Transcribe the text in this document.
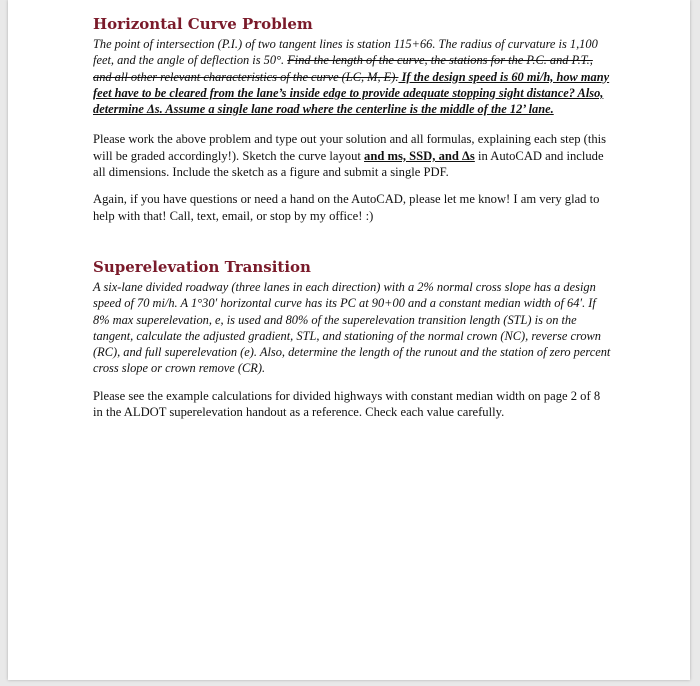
Horizontal Curve Problem

The point of intersection (P.I.) of two tangent lines is station 115+66. The radius of curvature is 1,100 feet, and the angle of deflection is 50°. Find the length of the curve, the stations for the P.C. and P.T., and all other relevant characteristics of the curve (LC, M, E). If the design speed is 60 mi/h, how many feet have to be cleared from the lane’s inside edge to provide adequate stopping sight distance? Also, determine Δs. Assume a single lane road where the centerline is the middle of the 12’ lane.

Please work the above problem and type out your solution and all formulas, explaining each step (this will be graded accordingly!). Sketch the curve layout and ms, SSD, and Δs in AutoCAD and include all dimensions. Include the sketch as a figure and submit a single PDF.

Again, if you have questions or need a hand on the AutoCAD, please let me know! I am very glad to help with that! Call, text, email, or stop by my office! :)

Superelevation Transition

A six-lane divided roadway (three lanes in each direction) with a 2% normal cross slope has a design speed of 70 mi/h. A 1°30′ horizontal curve has its PC at 90+00 and a constant median width of 64′. If 8% max superelevation, e, is used and 80% of the superelevation transition length (STL) is on the tangent, calculate the adjusted gradient, STL, and stationing of the normal crown (NC), reverse crown (RC), and full superelevation (e). Also, determine the length of the runout and the station of zero percent cross slope or crown remove (CR).

Please see the example calculations for divided highways with constant median width on page 2 of 8 in the ALDOT superelevation handout as a reference. Check each value carefully.
